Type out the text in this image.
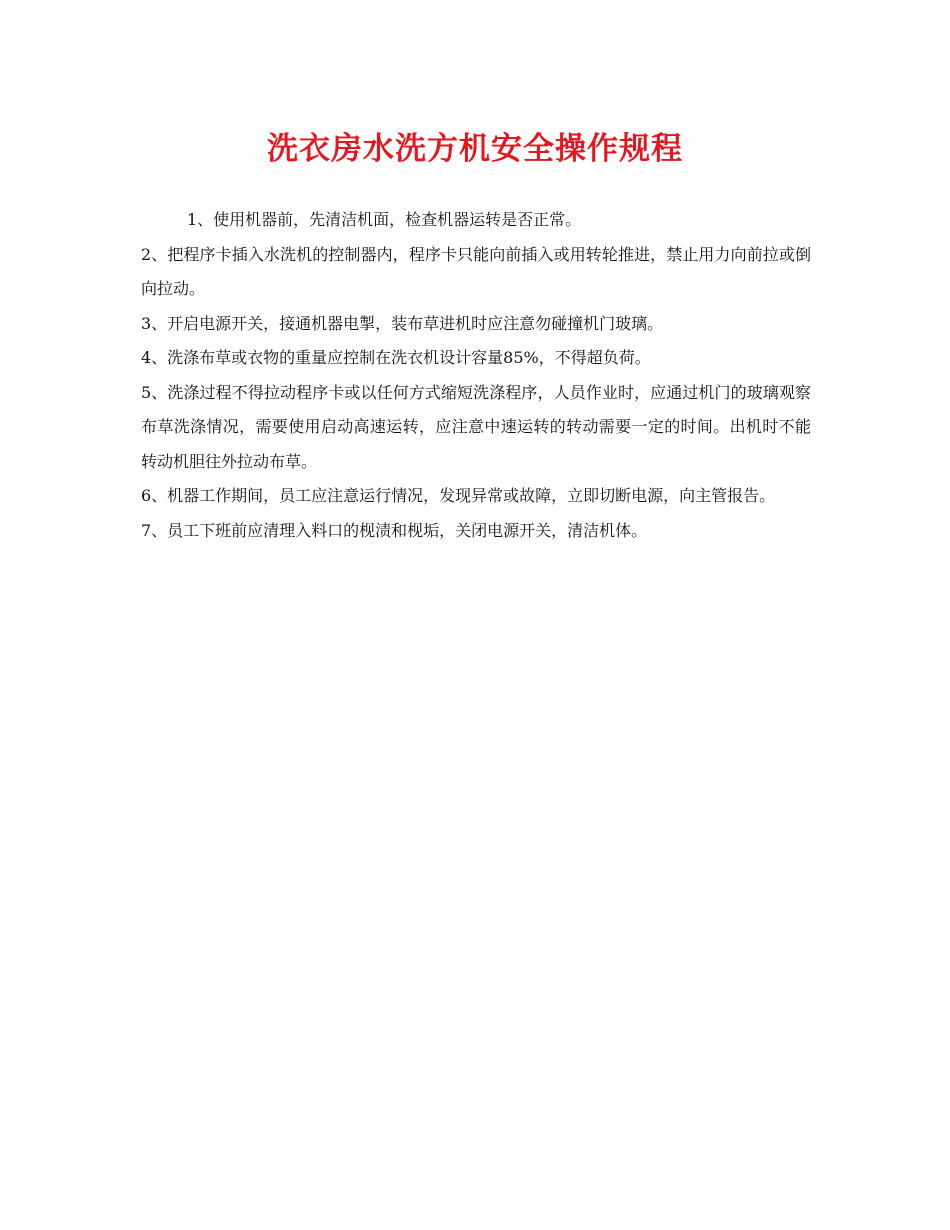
洗衣房水洗方机安全操作规程

1、使用机器前，先清洁机面，检查机器运转是否正常。

2、把程序卡插入水洗机的控制器内，程序卡只能向前插入或用转轮推进，禁止用力向前拉或倒向拉动。

3、开启电源开关，接通机器电掣，装布草进机时应注意勿碰撞机门玻璃。

4、洗涤布草或衣物的重量应控制在洗衣机设计容量85%，不得超负荷。

5、洗涤过程不得拉动程序卡或以任何方式缩短洗涤程序，人员作业时，应通过机门的玻璃观察布草洗涤情况，需要使用启动高速运转，应注意中速运转的转动需要一定的时间。出机时不能转动机胆往外拉动布草。

6、机器工作期间，员工应注意运行情况，发现异常或故障，立即切断电源，向主管报告。

7、员工下班前应清理入料口的枧渍和枧垢，关闭电源开关，清洁机体。
